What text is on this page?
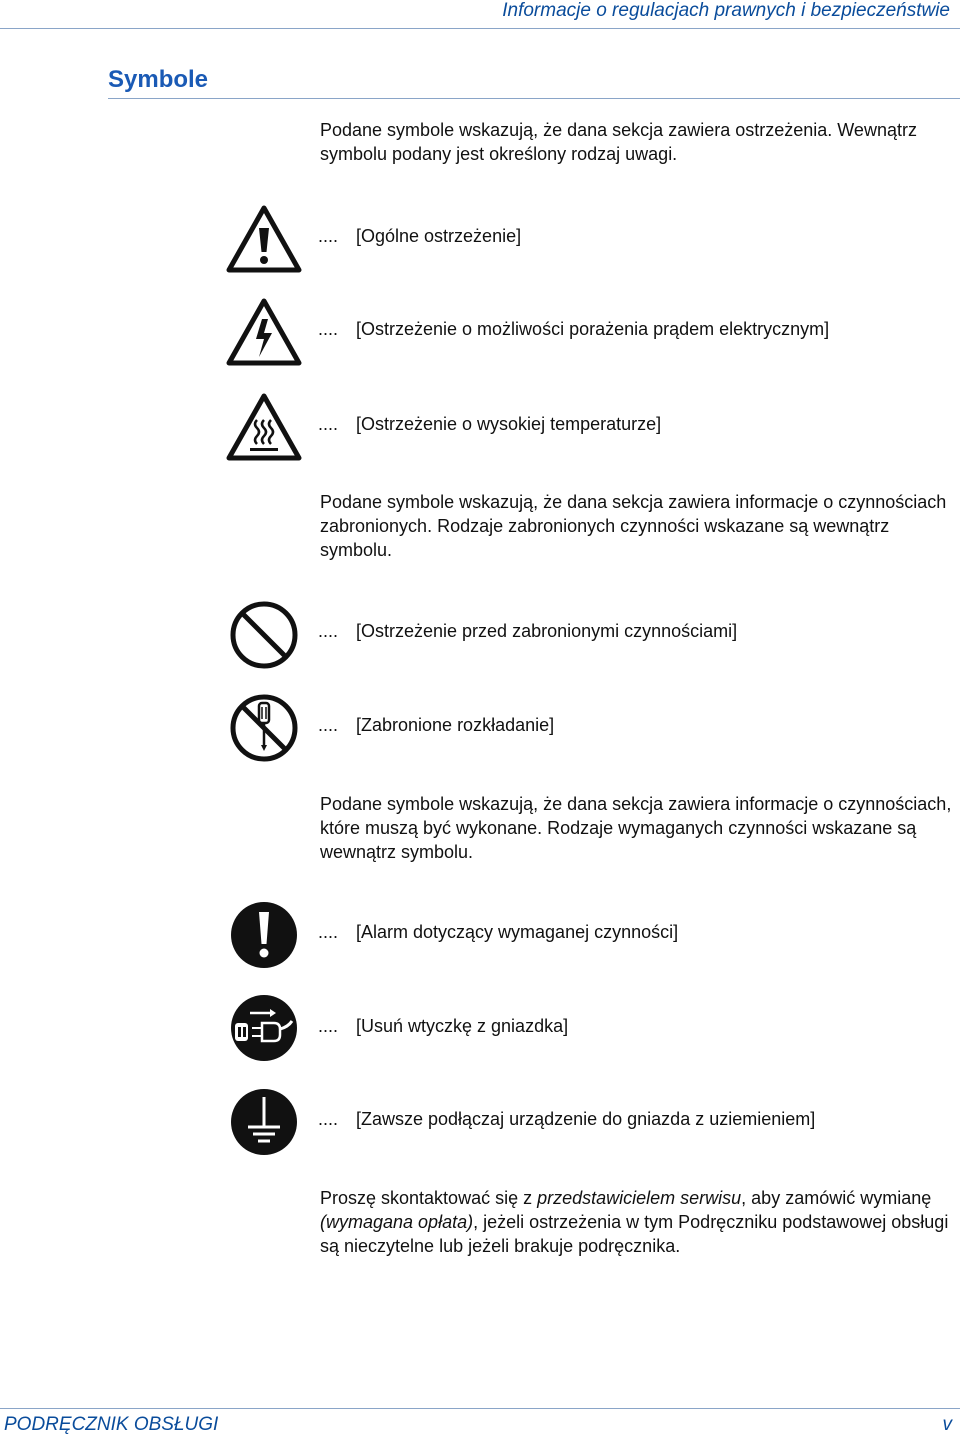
Informacje o regulacjach prawnych i bezpieczeństwie
Symbole

Podane symbole wskazują, że dana sekcja zawiera ostrzeżenia. Wewnątrz symbolu podany jest określony rodzaj uwagi.

.... [Ogólne ostrzeżenie]
.... [Ostrzeżenie o możliwości porażenia prądem elektrycznym]
.... [Ostrzeżenie o wysokiej temperaturze]

Podane symbole wskazują, że dana sekcja zawiera informacje o czynnościach zabronionych. Rodzaje zabronionych czynności wskazane są wewnątrz symbolu.

.... [Ostrzeżenie przed zabronionymi czynnościami]
.... [Zabronione rozkładanie]

Podane symbole wskazują, że dana sekcja zawiera informacje o czynnościach, które muszą być wykonane. Rodzaje wymaganych czynności wskazane są wewnątrz symbolu.

.... [Alarm dotyczący wymaganej czynności]
.... [Usuń wtyczkę z gniazdka]
.... [Zawsze podłączaj urządzenie do gniazda z uziemieniem]

Proszę skontaktować się z przedstawicielem serwisu, aby zamówić wymianę (wymagana opłata), jeżeli ostrzeżenia w tym Podręczniku podstawowej obsługi są nieczytelne lub jeżeli brakuje podręcznika.

PODRĘCZNIK OBSŁUGI	v
